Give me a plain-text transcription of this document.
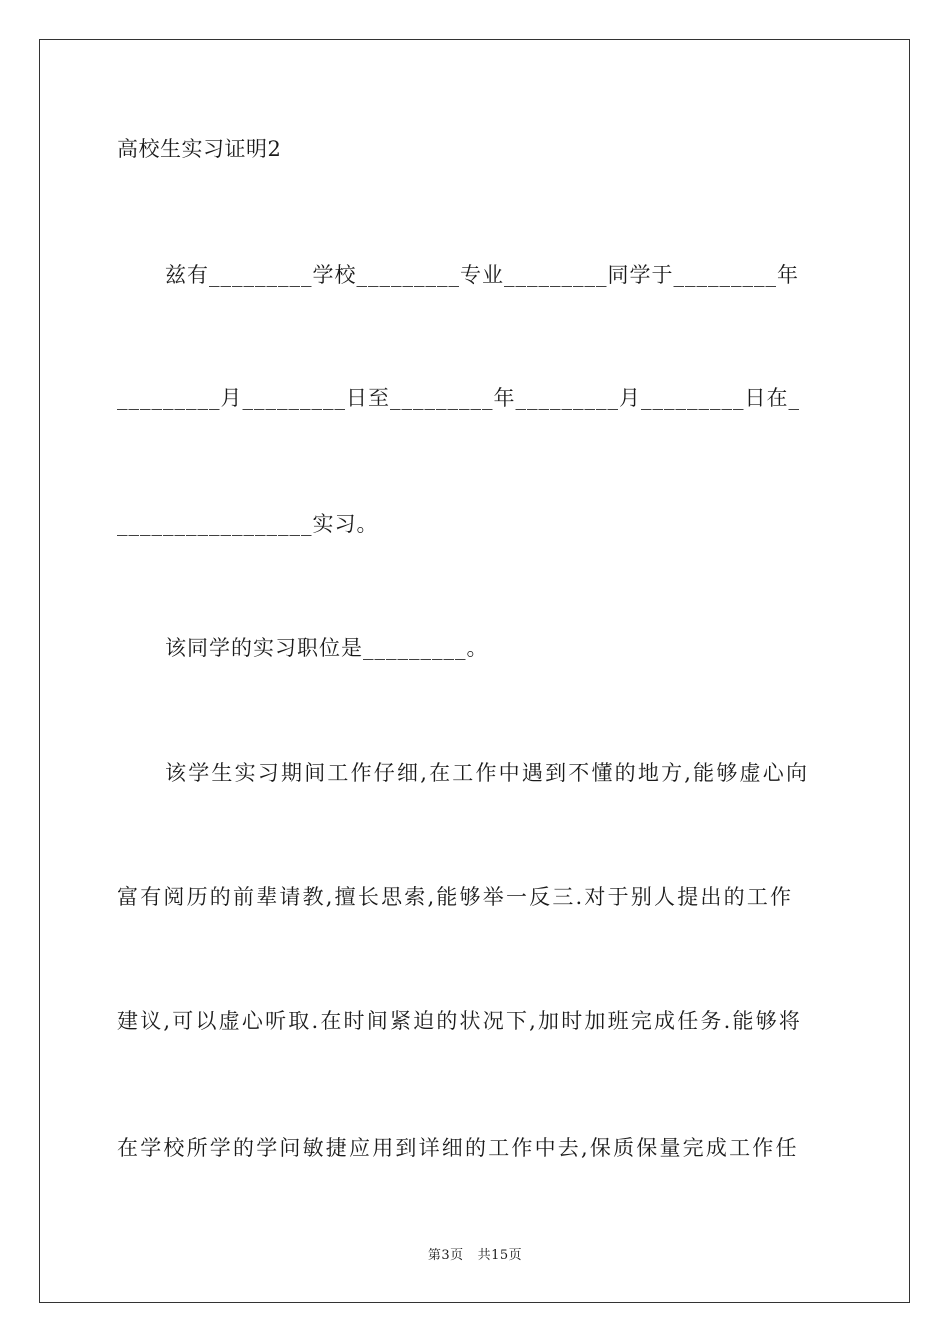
高校生实习证明2
兹有_________学校_________专业_________同学于_________年
_________月_________日至_________年_________月_________日在_
_________________实习。
该同学的实习职位是_________。
该学生实习期间工作仔细,在工作中遇到不懂的地方,能够虚心向
富有阅历的前辈请教,擅长思索,能够举一反三.对于别人提出的工作
建议,可以虚心听取.在时间紧迫的状况下,加时加班完成任务.能够将
在学校所学的学问敏捷应用到详细的工作中去,保质保量完成工作任
第3页 共15页
